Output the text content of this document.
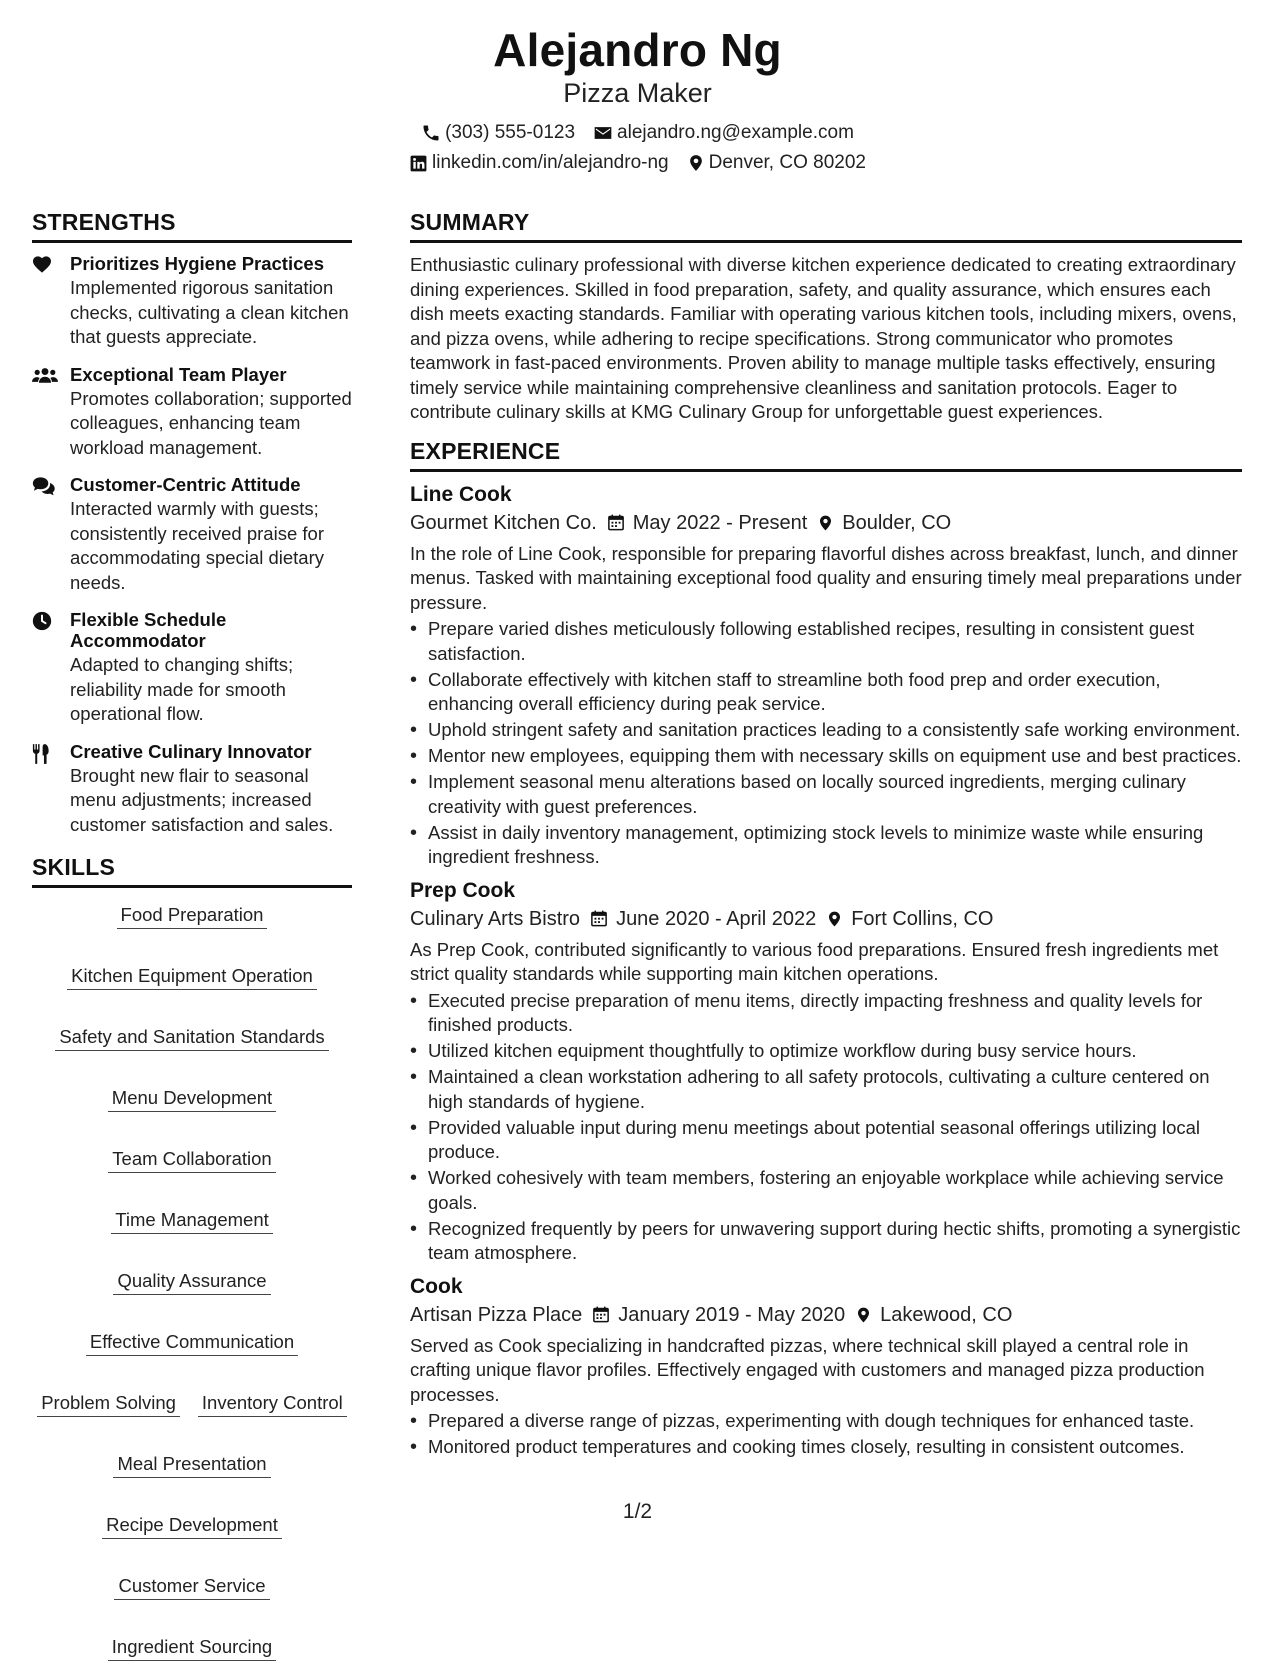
Alejandro Ng
Pizza Maker
(303) 555-0123 alejandro.ng@example.com
linkedin.com/in/alejandro-ng Denver, CO 80202
STRENGTHS
Prioritizes Hygiene Practices
Implemented rigorous sanitation checks, cultivating a clean kitchen that guests appreciate.
Exceptional Team Player
Promotes collaboration; supported colleagues, enhancing team workload management.
Customer-Centric Attitude
Interacted warmly with guests; consistently received praise for accommodating special dietary needs.
Flexible Schedule Accommodator
Adapted to changing shifts; reliability made for smooth operational flow.
Creative Culinary Innovator
Brought new flair to seasonal menu adjustments; increased customer satisfaction and sales.
SKILLS
Food Preparation
Kitchen Equipment Operation
Safety and Sanitation Standards
Menu Development
Team Collaboration
Time Management
Quality Assurance
Effective Communication
Problem Solving Inventory Control
Meal Presentation
Recipe Development
Customer Service
Ingredient Sourcing
SUMMARY

Enthusiastic culinary professional with diverse kitchen experience dedicated to creating extraordinary dining experiences. Skilled in food preparation, safety, and quality assurance, which ensures each dish meets exacting standards. Familiar with operating various kitchen tools, including mixers, ovens, and pizza ovens, while adhering to recipe specifications. Strong communicator who promotes teamwork in fast-paced environments. Proven ability to manage multiple tasks effectively, ensuring timely service while maintaining comprehensive cleanliness and sanitation protocols. Eager to contribute culinary skills at KMG Culinary Group for unforgettable guest experiences.

EXPERIENCE
Line Cook
Gourmet Kitchen Co. May 2022 - Present Boulder, CO
In the role of Line Cook, responsible for preparing flavorful dishes across breakfast, lunch, and dinner menus. Tasked with maintaining exceptional food quality and ensuring timely meal preparations under pressure.
• Prepare varied dishes meticulously following established recipes, resulting in consistent guest satisfaction.
• Collaborate effectively with kitchen staff to streamline both food prep and order execution, enhancing overall efficiency during peak service.
• Uphold stringent safety and sanitation practices leading to a consistently safe working environment.
• Mentor new employees, equipping them with necessary skills on equipment use and best practices.
• Implement seasonal menu alterations based on locally sourced ingredients, merging culinary creativity with guest preferences.
• Assist in daily inventory management, optimizing stock levels to minimize waste while ensuring ingredient freshness.
Prep Cook
Culinary Arts Bistro June 2020 - April 2022 Fort Collins, CO
As Prep Cook, contributed significantly to various food preparations. Ensured fresh ingredients met strict quality standards while supporting main kitchen operations.
• Executed precise preparation of menu items, directly impacting freshness and quality levels for finished products.
• Utilized kitchen equipment thoughtfully to optimize workflow during busy service hours.
• Maintained a clean workstation adhering to all safety protocols, cultivating a culture centered on high standards of hygiene.
• Provided valuable input during menu meetings about potential seasonal offerings utilizing local produce.
• Worked cohesively with team members, fostering an enjoyable workplace while achieving service goals.
• Recognized frequently by peers for unwavering support during hectic shifts, promoting a synergistic team atmosphere.
Cook
Artisan Pizza Place January 2019 - May 2020 Lakewood, CO
Served as Cook specializing in handcrafted pizzas, where technical skill played a central role in crafting unique flavor profiles. Effectively engaged with customers and managed pizza production processes.
• Prepared a diverse range of pizzas, experimenting with dough techniques for enhanced taste.
• Monitored product temperatures and cooking times closely, resulting in consistent outcomes.
1/2
